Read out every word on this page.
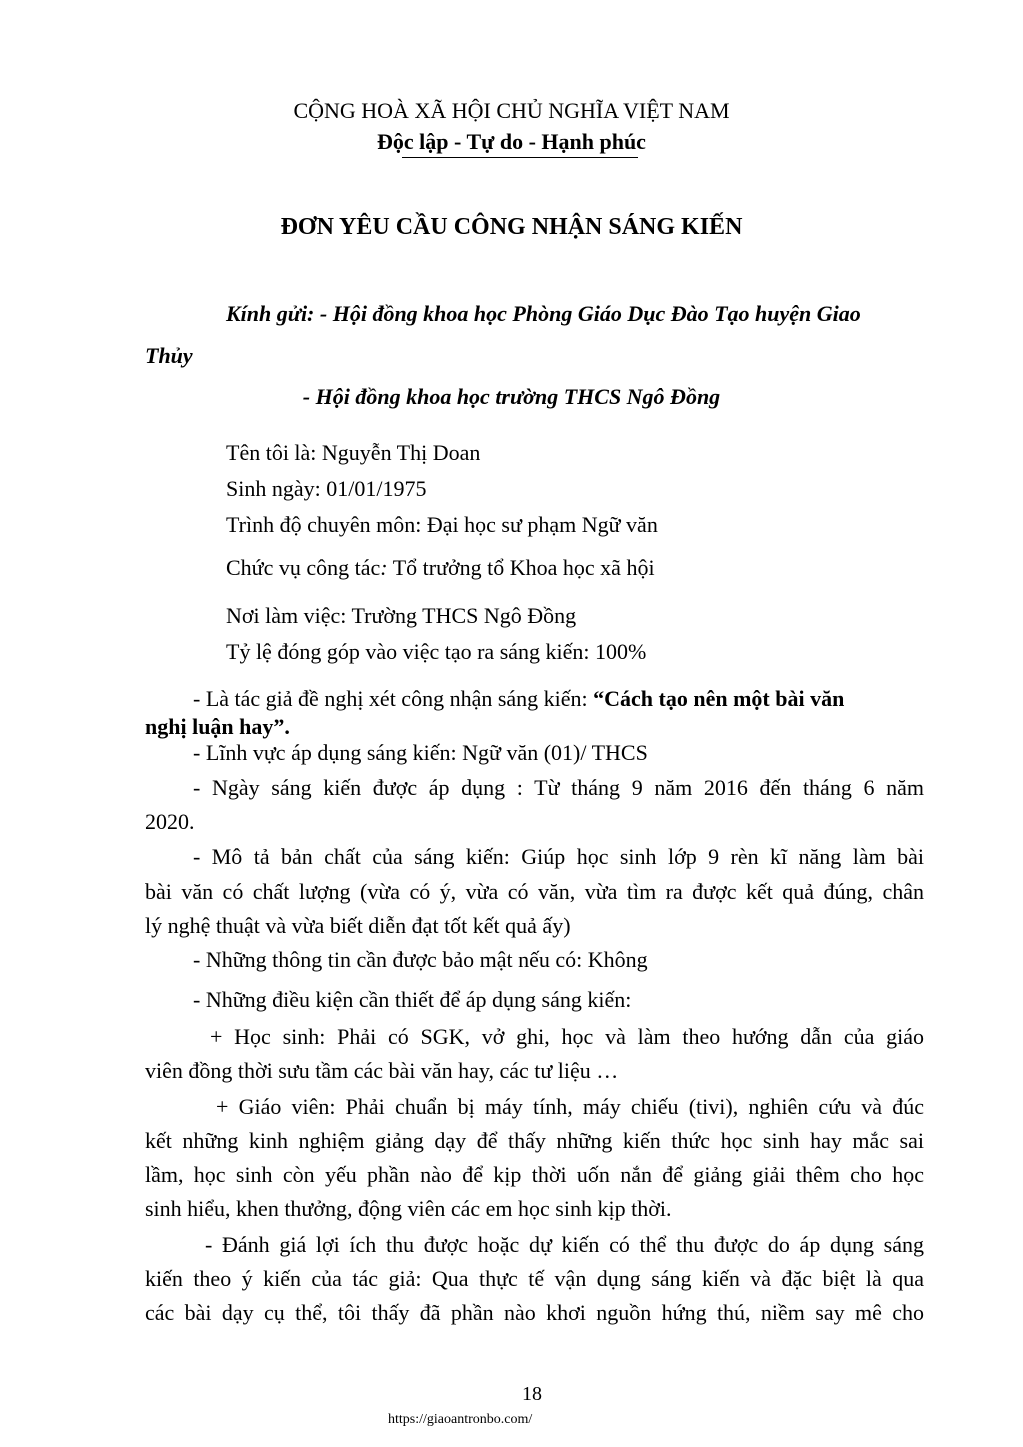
CỘNG HOÀ XÃ HỘI CHỦ NGHĨA VIỆT NAM
Độc lập - Tự do - Hạnh phúc
ĐƠN YÊU CẦU CÔNG NHẬN SÁNG KIẾN
Kính gửi: - Hội đồng khoa học Phòng Giáo Dục Đào Tạo huyện Giao
Thủy
- Hội đồng khoa học trường THCS Ngô Đồng
Tên tôi là: Nguyễn Thị Doan
Sinh ngày: 01/01/1975
Trình độ chuyên môn: Đại học sư phạm Ngữ văn
Chức vụ công tác: Tổ trưởng tổ Khoa học xã hội
Nơi làm việc: Trường THCS Ngô Đồng
Tỷ lệ đóng góp vào việc tạo ra sáng kiến: 100%
- Là tác giả đề nghị xét công nhận sáng kiến: “Cách tạo nên một bài văn
nghị luận hay”.
- Lĩnh vực áp dụng sáng kiến: Ngữ văn (01)/ THCS
- Ngày sáng kiến được áp dụng : Từ tháng 9 năm 2016 đến tháng 6 năm
2020.
- Mô tả bản chất của sáng kiến: Giúp học sinh lớp 9 rèn kĩ năng làm bài
bài văn có chất lượng (vừa có ý, vừa có văn, vừa tìm ra được kết quả đúng, chân
lý nghệ thuật và vừa biết diễn đạt tốt kết quả ấy)
- Những thông tin cần được bảo mật nếu có: Không
- Những điều kiện cần thiết để áp dụng sáng kiến:
+ Học sinh: Phải có SGK, vở ghi, học và làm theo hướng dẫn của giáo
viên đồng thời sưu tầm các bài văn hay, các tư liệu …
+ Giáo viên: Phải chuẩn bị máy tính, máy chiếu (tivi), nghiên cứu và đúc
kết những kinh nghiệm giảng dạy để thấy những kiến thức học sinh hay mắc sai
lầm, học sinh còn yếu phần nào để kịp thời uốn nắn để giảng giải thêm cho học
sinh hiểu, khen thưởng, động viên các em học sinh kịp thời.
- Đánh giá lợi ích thu được hoặc dự kiến có thể thu được do áp dụng sáng
kiến theo ý kiến của tác giả: Qua thực tế vận dụng sáng kiến và đặc biệt là qua
các bài dạy cụ thể, tôi thấy đã phần nào khơi nguồn hứng thú, niềm say mê cho
18
https://giaoantronbo.com/
